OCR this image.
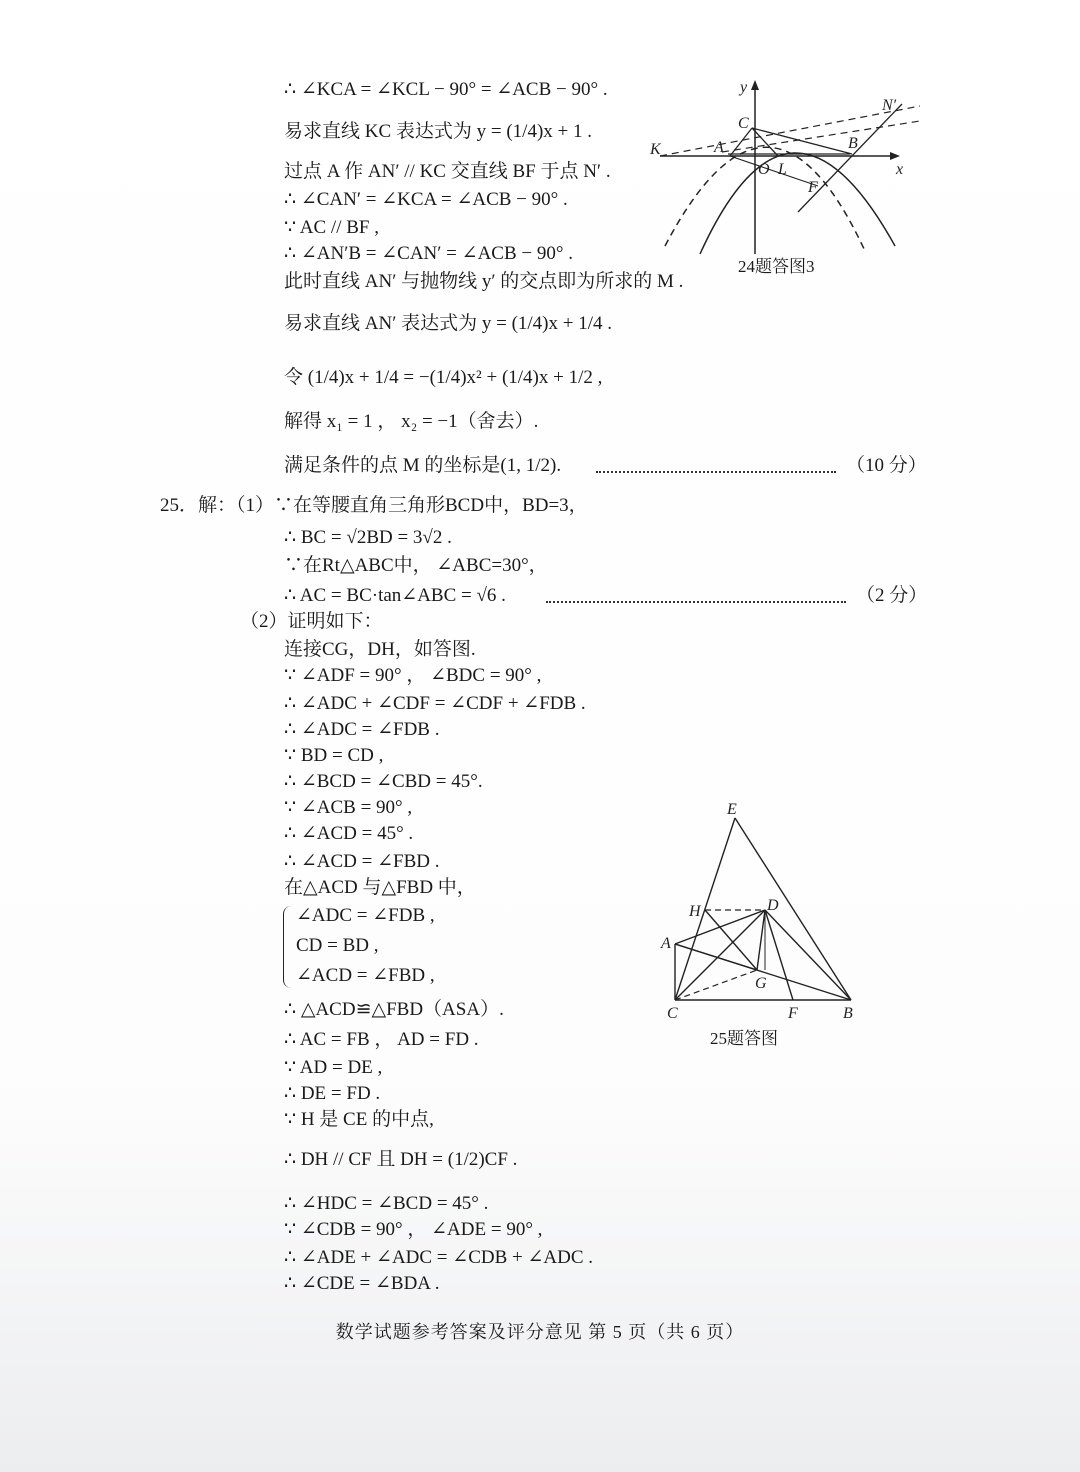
∴ ∠KCA = ∠KCL − 90° = ∠ACB − 90° .
易求直线 KC 表达式为 y = (1/4)x + 1 .
过点 A 作 AN′ // KC 交直线 BF 于点 N′ .
∴ ∠CAN′ = ∠KCA = ∠ACB − 90° .
∵ AC // BF ,
∴ ∠AN′B = ∠CAN′ = ∠ACB − 90° .
此时直线 AN′ 与抛物线 y′ 的交点即为所求的 M .
易求直线 AN′ 表达式为 y = (1/4)x + 1/4 .
令 (1/4)x + 1/4 = −(1/4)x² + (1/4)x + 1/2 ,
解得 x₁ = 1 ， x₂ = −1（舍去）.
满足条件的点 M 的坐标是(1, 1/2).	（10 分）
25．解：（1）∵在等腰直角三角形BCD中，BD=3，
∴ BC = √2BD = 3√2 .
∵在Rt△ABC中， ∠ABC=30°，
∴ AC = BC·tan∠ABC = √6 .	（2 分）
（2）证明如下：
连接CG，DH，如答图.
∵ ∠ADF = 90° ， ∠BDC = 90° ,
∴ ∠ADC + ∠CDF = ∠CDF + ∠FDB .
∴ ∠ADC = ∠FDB .
∵ BD = CD ,
∴ ∠BCD = ∠CBD = 45°.
∵ ∠ACB = 90° ,
∴ ∠ACD = 45° .
∴ ∠ACD = ∠FBD .
在△ACD 与△FBD 中，
∠ADC = ∠FDB ,
CD = BD ,
∠ACD = ∠FBD ,
∴ △ACD≌△FBD（ASA）.
∴ AC = FB ， AD = FD .
∵ AD = DE ,
∴ DE = FD .
∵ H 是 CE 的中点,
∴ DH // CF 且 DH = (1/2)CF .
∴ ∠HDC = ∠BCD = 45° .
∵ ∠CDB = 90° ， ∠ADE = 90° ,
∴ ∠ADE + ∠ADC = ∠CDB + ∠ADC .
∴ ∠CDE = ∠BDA .
y
x
N′
C
K	A	B
O L
F
24题答图3
E
H	D
A
G
C	F	B
25题答图
数学试题参考答案及评分意见 第 5 页（共 6 页）
